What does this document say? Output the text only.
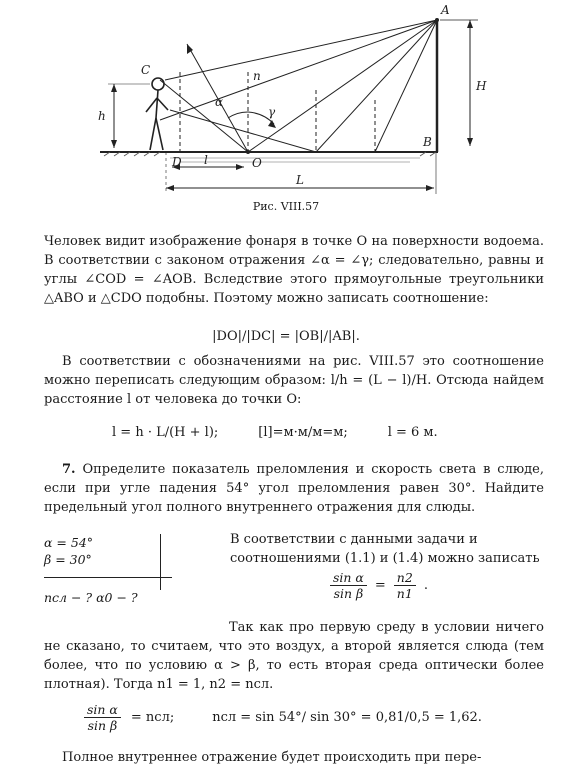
A
B
C
D	O
n
α
γ
H
h
l
L
Рис. VIII.57
Человек видит изображение фонаря в точке O на поверхности водоема. В соответствии с законом отражения ∠α = ∠γ; следовательно, равны и углы ∠COD = ∠AOB. Вследствие этого прямоугольные треугольники △ABO и △CDO подобны. Поэтому можно записать соотношение:
|DO|/|DC| = |OB|/|AB|.
В соответствии с обозначениями на рис. VIII.57 это соотношение можно переписать следующим образом: l/h = (L − l)/H. Отсюда найдем расстояние l от человека до точки O:
l = h · L/(H + l);	[l]=м·м/м=м;	l = 6 м.
7. Определите показатель преломления и скорость света в слюде, если при угле падения 54° угол преломления равен 30°. Найдите предельный угол полного внутреннего отражения для слюды.
α = 54°
β = 30°
nсл − ? α0 − ?
В соответствии с данными задачи и соотношениями (1.1) и (1.4) можно записать
$\frac{\text{sin α}}{\text{sin β}} = \frac{n2}{n1}$ .
Так как про первую среду в условии ничего не сказано, то считаем, что это воздух, а второй является слюда (тем более, что по условию α > β, то есть вторая среда оптически более плотная). Тогда n1 = 1, n2 = nсл.
$\frac{\text{sin α}}{\text{sin β}}$ = nсл;	nсл = sin 54°/ sin 30° = 0,81/0,5 = 1,62.
Полное внутреннее отражение будет происходить при пере-
